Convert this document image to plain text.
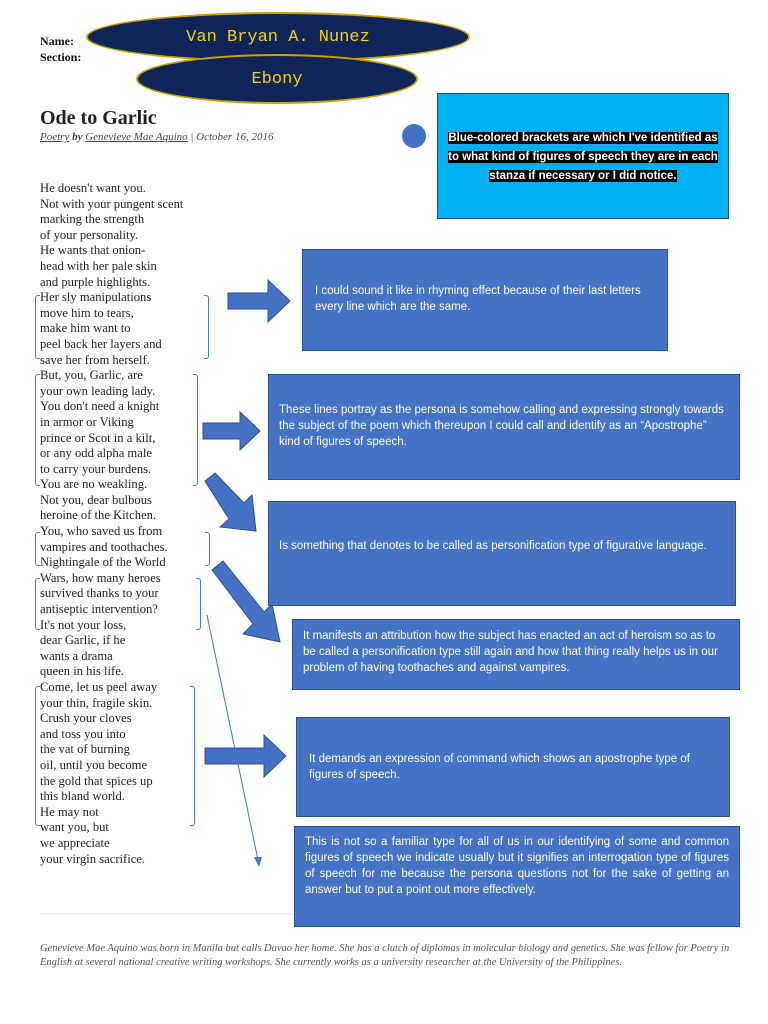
Name:
Section:
Van Bryan A. Nunez
Ebony
Ode to Garlic
Poetry by Genevieve Mae Aquino | October 16, 2016	Blue-colored brackets are which I've identified as to what kind of figures of speech they are in each stanza if necessary or I did notice.
He doesn't want you.
Not with your pungent scent
marking the strength
of your personality.
He wants that onion-
head with her pale skin
and purple highlights.
Her sly manipulations
move him to tears,
make him want to
peel back her layers and
save her from herself.
But, you, Garlic, are
your own leading lady.
You don't need a knight
in armor or Viking
prince or Scot in a kilt,
or any odd alpha male
to carry your burdens.
You are no weakling.
Not you, dear bulbous
heroine of the Kitchen.
You, who saved us from
vampires and toothaches.
Nightingale of the World
Wars, how many heroes
survived thanks to your
antiseptic intervention?
It's not your loss,
dear Garlic, if he
wants a drama
queen in his life.
Come, let us peel away
your thin, fragile skin.
Crush your cloves
and toss you into
the vat of burning
oil, until you become
the gold that spices up
this bland world.
He may not
want you, but
we appreciate
your virgin sacrifice.
I could sound it like in rhyming effect because of their last letters every line which are the same.
These lines portray as the persona is somehow calling and expressing strongly towards the subject of the poem which thereupon I could call and identify as an “Apostrophe” kind of figures of speech.
Is something that denotes to be called as personification type of figurative language.
It manifests an attribution how the subject has enacted an act of heroism so as to be called a personification type still again and how that thing really helps us in our problem of having toothaches and against vampires.
It demands an expression of command which shows an apostrophe type of figures of speech.
This is not so a familiar type for all of us in our identifying of some and common figures of speech we indicate usually but it signifies an interrogation type of figures of speech for me because the persona questions not for the sake of getting an answer but to put a point out more effectively.
Genevieve Mae Aquino was born in Manila but calls Davao her home. She has a clutch of diplomas in molecular biology and genetics. She was fellow for Poetry in English at several national creative writing workshops. She currently works as a university researcher at the University of the Philippines.
